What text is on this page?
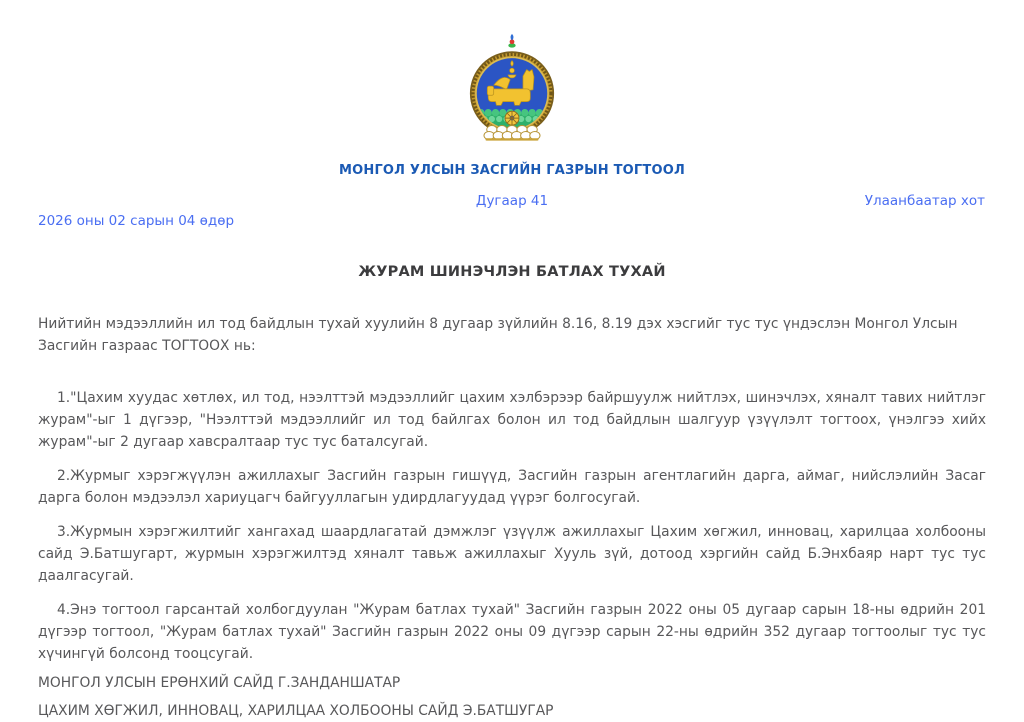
МОНГОЛ УЛСЫН ЗАСГИЙН ГАЗРЫН ТОГТООЛ
Дугаар 41	Улаанбаатар хот

2026 оны 02 сарын 04 өдөр

ЖУРАМ ШИНЭЧЛЭН БАТЛАХ ТУХАЙ

Нийтийн мэдээллийн ил тод байдлын тухай хуулийн 8 дугаар зүйлийн 8.16, 8.19 дэх хэсгийг тус тус үндэслэн Монгол Улсын Засгийн газраас ТОГТООХ нь:

1."Цахим хуудас хөтлөх, ил тод, нээлттэй мэдээллийг цахим хэлбэрээр байршуулж нийтлэх, шинэчлэх, хяналт тавих нийтлэг журам"-ыг 1 дүгээр, "Нээлттэй мэдээллийг ил тод байлгах болон ил тод байдлын шалгуур үзүүлэлт тогтоох, үнэлгээ хийх журам"-ыг 2 дугаар хавсралтаар тус тус баталсугай.

2.Журмыг хэрэгжүүлэн ажиллахыг Засгийн газрын гишүүд, Засгийн газрын агентлагийн дарга, аймаг, нийслэлийн Засаг дарга болон мэдээлэл хариуцагч байгууллагын удирдлагуудад үүрэг болгосугай.

3.Журмын хэрэгжилтийг хангахад шаардлагатай дэмжлэг үзүүлж ажиллахыг Цахим хөгжил, инновац, харилцаа холбооны сайд Э.Батшугарт, журмын хэрэгжилтэд хяналт тавьж ажиллахыг Хууль зүй, дотоод хэргийн сайд Б.Энхбаяр нарт тус тус даалгасугай.

4.Энэ тогтоол гарсантай холбогдуулан "Журам батлах тухай" Засгийн газрын 2022 оны 05 дугаар сарын 18-ны өдрийн 201 дүгээр тогтоол, "Журам батлах тухай" Засгийн газрын 2022 оны 09 дүгээр сарын 22-ны өдрийн 352 дугаар тогтоолыг тус тус хүчингүй болсонд тооцсугай.

МОНГОЛ УЛСЫН ЕРӨНХИЙ САЙД Г.ЗАНДАНШАТАР

ЦАХИМ ХӨГЖИЛ, ИННОВАЦ, ХАРИЛЦАА ХОЛБООНЫ САЙД Э.БАТШУГАР
